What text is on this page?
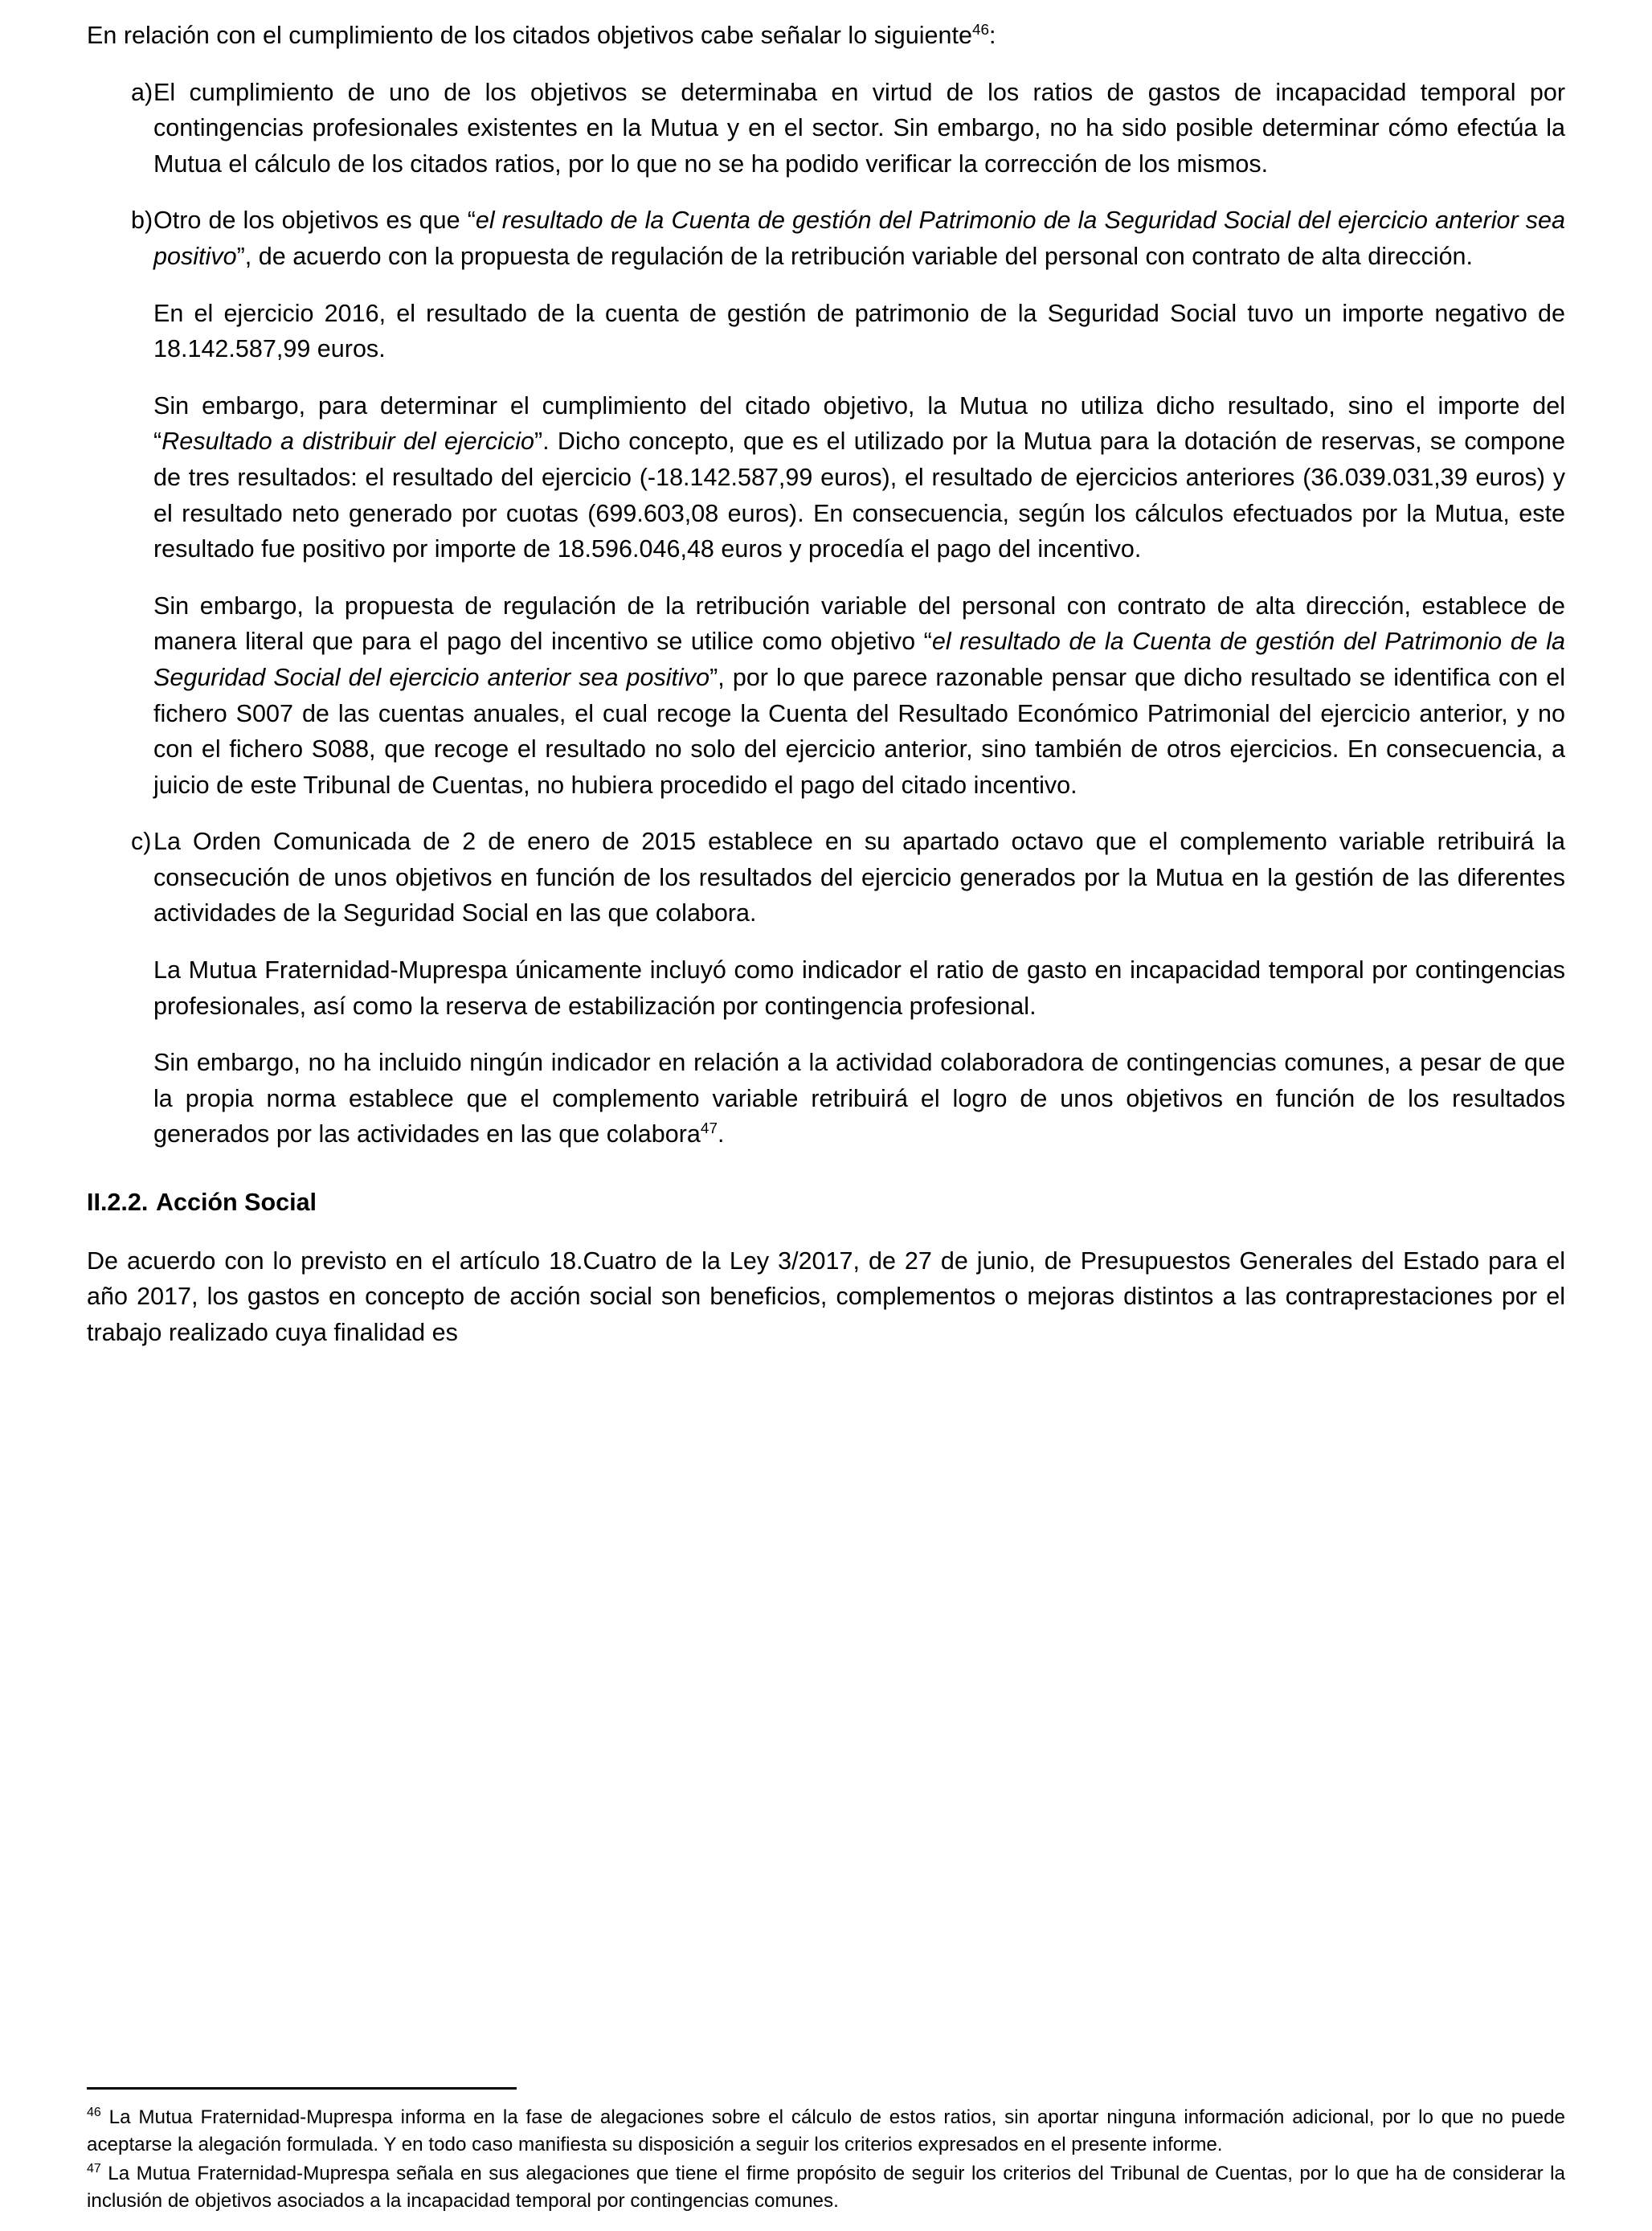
En relación con el cumplimiento de los citados objetivos cabe señalar lo siguiente$^{46}$:

a) El cumplimiento de uno de los objetivos se determinaba en virtud de los ratios de gastos de incapacidad temporal por contingencias profesionales existentes en la Mutua y en el sector. Sin embargo, no ha sido posible determinar cómo efectúa la Mutua el cálculo de los citados ratios, por lo que no se ha podido verificar la corrección de los mismos.

b) Otro de los objetivos es que “el resultado de la Cuenta de gestión del Patrimonio de la Seguridad Social del ejercicio anterior sea positivo”, de acuerdo con la propuesta de regulación de la retribución variable del personal con contrato de alta dirección.

En el ejercicio 2016, el resultado de la cuenta de gestión de patrimonio de la Seguridad Social tuvo un importe negativo de 18.142.587,99 euros.

Sin embargo, para determinar el cumplimiento del citado objetivo, la Mutua no utiliza dicho resultado, sino el importe del “Resultado a distribuir del ejercicio”. Dicho concepto, que es el utilizado por la Mutua para la dotación de reservas, se compone de tres resultados: el resultado del ejercicio (-18.142.587,99 euros), el resultado de ejercicios anteriores (36.039.031,39 euros) y el resultado neto generado por cuotas (699.603,08 euros). En consecuencia, según los cálculos efectuados por la Mutua, este resultado fue positivo por importe de 18.596.046,48 euros y procedía el pago del incentivo.

Sin embargo, la propuesta de regulación de la retribución variable del personal con contrato de alta dirección, establece de manera literal que para el pago del incentivo se utilice como objetivo “el resultado de la Cuenta de gestión del Patrimonio de la Seguridad Social del ejercicio anterior sea positivo”, por lo que parece razonable pensar que dicho resultado se identifica con el fichero S007 de las cuentas anuales, el cual recoge la Cuenta del Resultado Económico Patrimonial del ejercicio anterior, y no con el fichero S088, que recoge el resultado no solo del ejercicio anterior, sino también de otros ejercicios. En consecuencia, a juicio de este Tribunal de Cuentas, no hubiera procedido el pago del citado incentivo.

c) La Orden Comunicada de 2 de enero de 2015 establece en su apartado octavo que el complemento variable retribuirá la consecución de unos objetivos en función de los resultados del ejercicio generados por la Mutua en la gestión de las diferentes actividades de la Seguridad Social en las que colabora.

La Mutua Fraternidad-Muprespa únicamente incluyó como indicador el ratio de gasto en incapacidad temporal por contingencias profesionales, así como la reserva de estabilización por contingencia profesional.

Sin embargo, no ha incluido ningún indicador en relación a la actividad colaboradora de contingencias comunes, a pesar de que la propia norma establece que el complemento variable retribuirá el logro de unos objetivos en función de los resultados generados por las actividades en las que colabora$^{47}$.

II.2.2. Acción Social

De acuerdo con lo previsto en el artículo 18.Cuatro de la Ley 3/2017, de 27 de junio, de Presupuestos Generales del Estado para el año 2017, los gastos en concepto de acción social son beneficios, complementos o mejoras distintos a las contraprestaciones por el trabajo realizado cuya finalidad es

$^{46}$ La Mutua Fraternidad-Muprespa informa en la fase de alegaciones sobre el cálculo de estos ratios, sin aportar ninguna información adicional, por lo que no puede aceptarse la alegación formulada. Y en todo caso manifiesta su disposición a seguir los criterios expresados en el presente informe.

$^{47}$ La Mutua Fraternidad-Muprespa señala en sus alegaciones que tiene el firme propósito de seguir los criterios del Tribunal de Cuentas, por lo que ha de considerar la inclusión de objetivos asociados a la incapacidad temporal por contingencias comunes.
